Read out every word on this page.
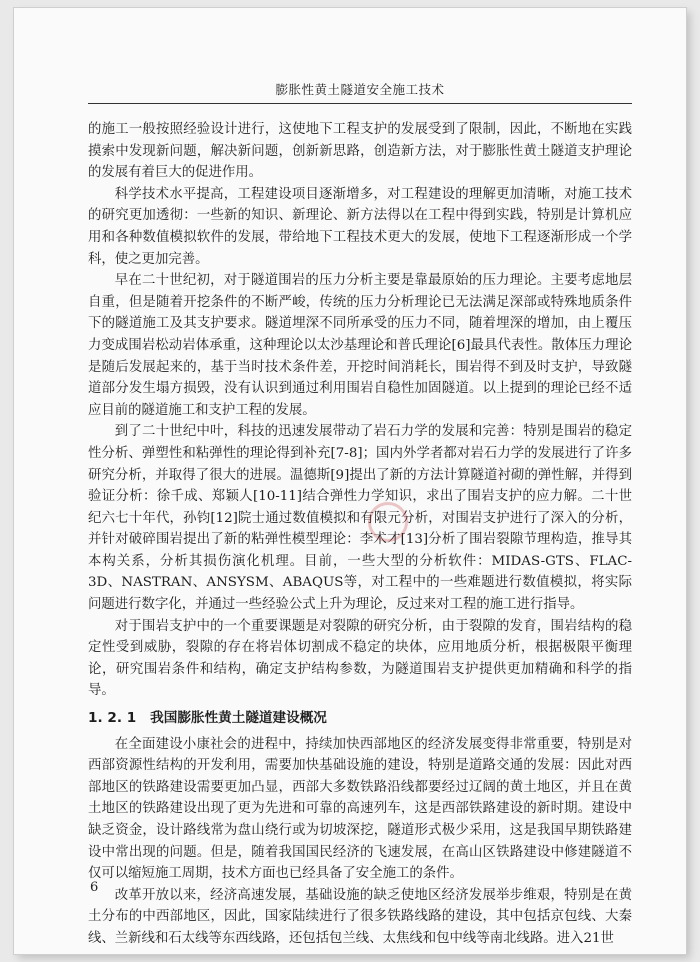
膨胀性黄土隧道安全施工技术

的施工一般按照经验设计进行，这使地下工程支护的发展受到了限制，因此，不断地在实践摸索中发现新问题，解决新问题，创新新思路，创造新方法，对于膨胀性黄土隧道支护理论的发展有着巨大的促进作用。

科学技术水平提高，工程建设项目逐渐增多，对工程建设的理解更加清晰，对施工技术的研究更加透彻：一些新的知识、新理论、新方法得以在工程中得到实践，特别是计算机应用和各种数值模拟软件的发展，带给地下工程技术更大的发展，使地下工程逐渐形成一个学科，使之更加完善。

早在二十世纪初，对于隧道围岩的压力分析主要是靠最原始的压力理论。主要考虑地层自重，但是随着开挖条件的不断严峻，传统的压力分析理论已无法满足深部或特殊地质条件下的隧道施工及其支护要求。隧道埋深不同所承受的压力不同，随着埋深的增加，由上覆压力变成围岩松动岩体承重，这种理论以太沙基理论和普氏理论[6]最具代表性。散体压力理论是随后发展起来的，基于当时技术条件差，开挖时间消耗长，围岩得不到及时支护，导致隧道部分发生塌方损毁，没有认识到通过利用围岩自稳性加固隧道。以上提到的理论已经不适应目前的隧道施工和支护工程的发展。

到了二十世纪中叶，科技的迅速发展带动了岩石力学的发展和完善：特别是围岩的稳定性分析、弹塑性和粘弹性的理论得到补充[7-8]；国内外学者都对岩石力学的发展进行了许多研究分析，并取得了很大的进展。温德斯[9]提出了新的方法计算隧道衬砌的弹性解，并得到验证分析：徐千成、郑颖人[10-11]结合弹性力学知识，求出了围岩支护的应力解。二十世纪六七十年代，孙钧[12]院士通过数值模拟和有限元分析，对围岩支护进行了深入的分析，并针对破碎围岩提出了新的粘弹性模型理论：李术才[13]分析了围岩裂隙节理构造，推导其本构关系，分析其损伤演化机理。目前，一些大型的分析软件：MIDAS-GTS、FLAC-3D、NASTRAN、ANSYSM、ABAQUS等，对工程中的一些难题进行数值模拟，将实际问题进行数字化，并通过一些经验公式上升为理论，反过来对工程的施工进行指导。

对于围岩支护中的一个重要课题是对裂隙的研究分析，由于裂隙的发育，围岩结构的稳定性受到威胁，裂隙的存在将岩体切割成不稳定的块体，应用地质分析，根据极限平衡理论，研究围岩条件和结构，确定支护结构参数，为隧道围岩支护提供更加精确和科学的指导。

1. 2. 1 我国膨胀性黄土隧道建设概况

在全面建设小康社会的进程中，持续加快西部地区的经济发展变得非常重要，特别是对西部资源性结构的开发利用，需要加快基础设施的建设，特别是道路交通的发展：因此对西部地区的铁路建设需要更加凸显，西部大多数铁路沿线都要经过辽阔的黄土地区，并且在黄土地区的铁路建设出现了更为先进和可靠的高速列车，这是西部铁路建设的新时期。建设中缺乏资金，设计路线常为盘山绕行或为切坡深挖，隧道形式极少采用，这是我国早期铁路建设中常出现的问题。但是，随着我国国民经济的飞速发展，在高山区铁路建设中修建隧道不仅可以缩短施工周期，技术方面也已经具备了安全施工的条件。

改革开放以来，经济高速发展，基础设施的缺乏使地区经济发展举步维艰，特别是在黄土分布的中西部地区，因此，国家陆续进行了很多铁路线路的建设，其中包括京包线、大秦线、兰新线和石太线等东西线路，还包括包兰线、太焦线和包中线等南北线路。进入21世

6
